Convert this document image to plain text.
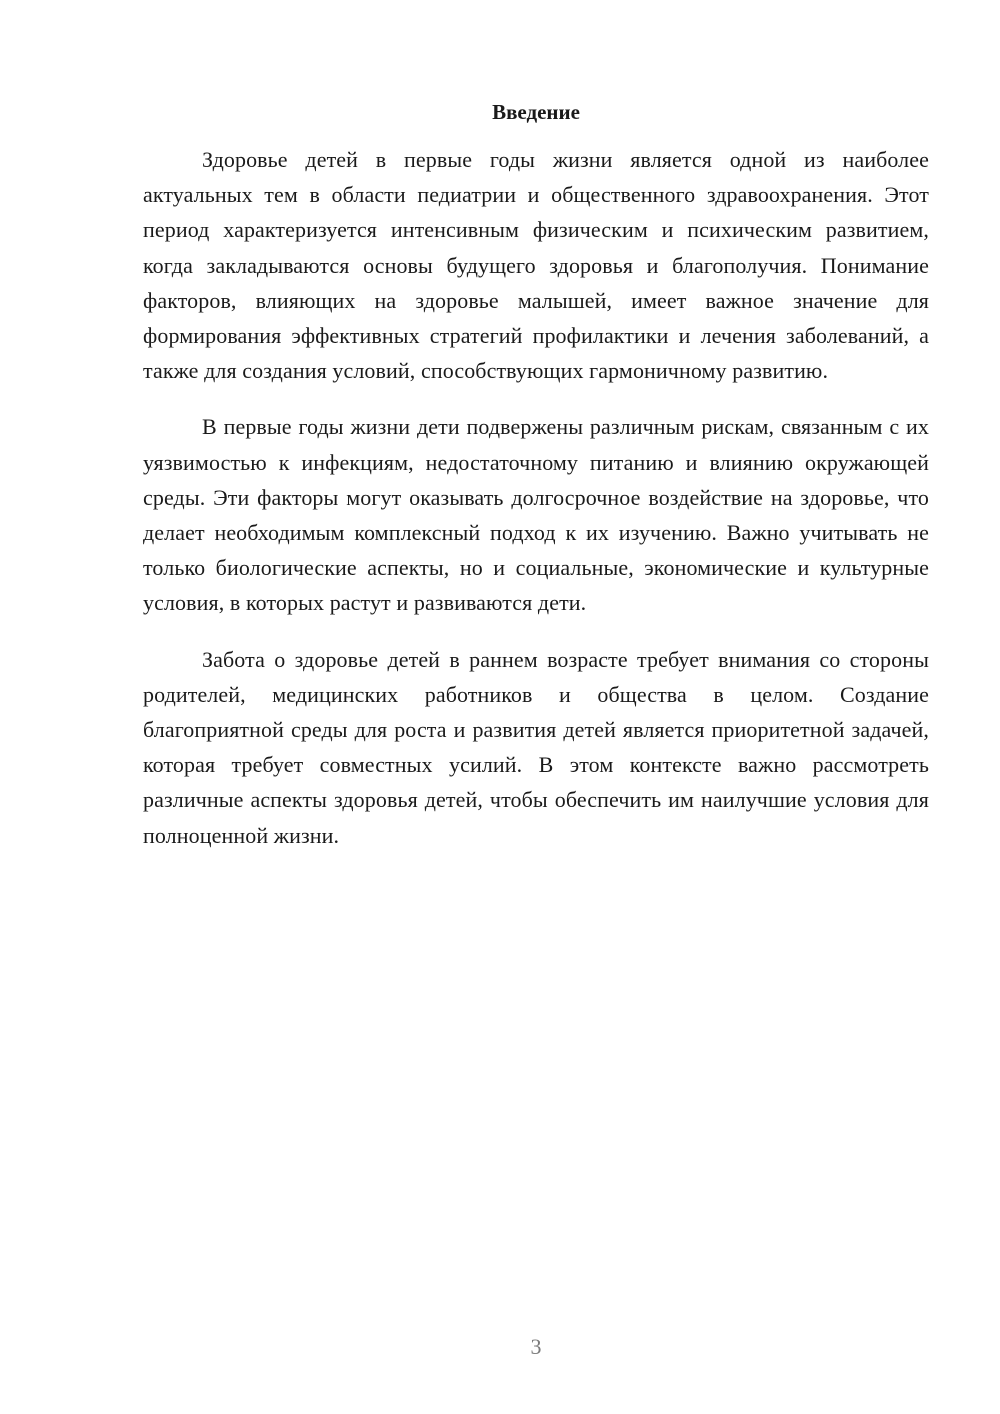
Введение

Здоровье детей в первые годы жизни является одной из наиболее актуальных тем в области педиатрии и общественного здравоохранения. Этот период характеризуется интенсивным физическим и психическим развитием, когда закладываются основы будущего здоровья и благополучия. Понимание факторов, влияющих на здоровье малышей, имеет важное значение для формирования эффективных стратегий профилактики и лечения заболеваний, а также для создания условий, способствующих гармоничному развитию.

В первые годы жизни дети подвержены различным рискам, связанным с их уязвимостью к инфекциям, недостаточному питанию и влиянию окружающей среды. Эти факторы могут оказывать долгосрочное воздействие на здоровье, что делает необходимым комплексный подход к их изучению. Важно учитывать не только биологические аспекты, но и социальные, экономические и культурные условия, в которых растут и развиваются дети.

Забота о здоровье детей в раннем возрасте требует внимания со стороны родителей, медицинских работников и общества в целом. Создание благоприятной среды для роста и развития детей является приоритетной задачей, которая требует совместных усилий. В этом контексте важно рассмотреть различные аспекты здоровья детей, чтобы обеспечить им наилучшие условия для полноценной жизни.

3
